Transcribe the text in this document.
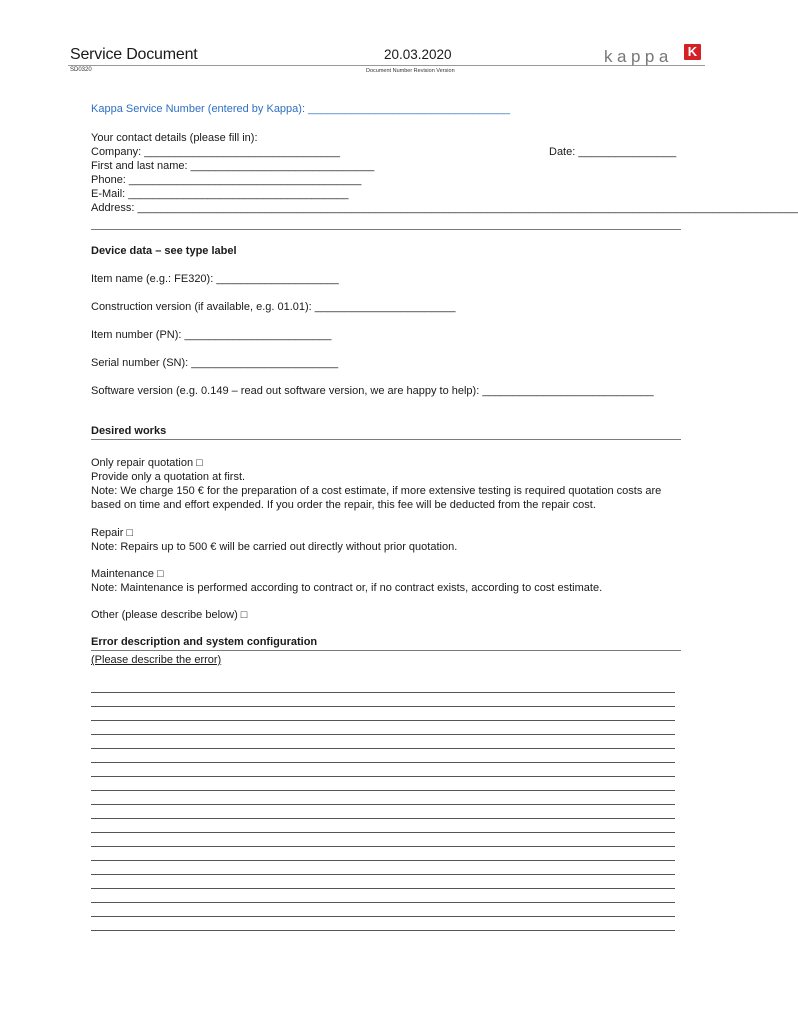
Service Document	20.03.2020
SD0320	Document Number Revision Version
kappa K
Kappa Service Number (entered by Kappa): _________________________________
Your contact details (please fill in):
Company: ________________________________	Date: ________________
First and last name: ______________________________
Phone: ______________________________________
E-Mail: ____________________________________
Address: ____________________________________________________________________________________________________________
Device data – see type label
Item name (e.g.: FE320): ____________________
Construction version (if available, e.g. 01.01): _______________________
Item number (PN): ________________________
Serial number (SN): ________________________
Software version (e.g. 0.149 – read out software version, we are happy to help): ____________________________
Desired works
Only repair quotation □
Provide only a quotation at first.
Note: We charge 150 € for the preparation of a cost estimate, if more extensive testing is required quotation costs are based on time and effort expended. If you order the repair, this fee will be deducted from the repair cost.
Repair □
Note: Repairs up to 500 € will be carried out directly without prior quotation.
Maintenance □
Note: Maintenance is performed according to contract or, if no contract exists, according to cost estimate.
Other (please describe below) □
Error description and system configuration
(Please describe the error)
